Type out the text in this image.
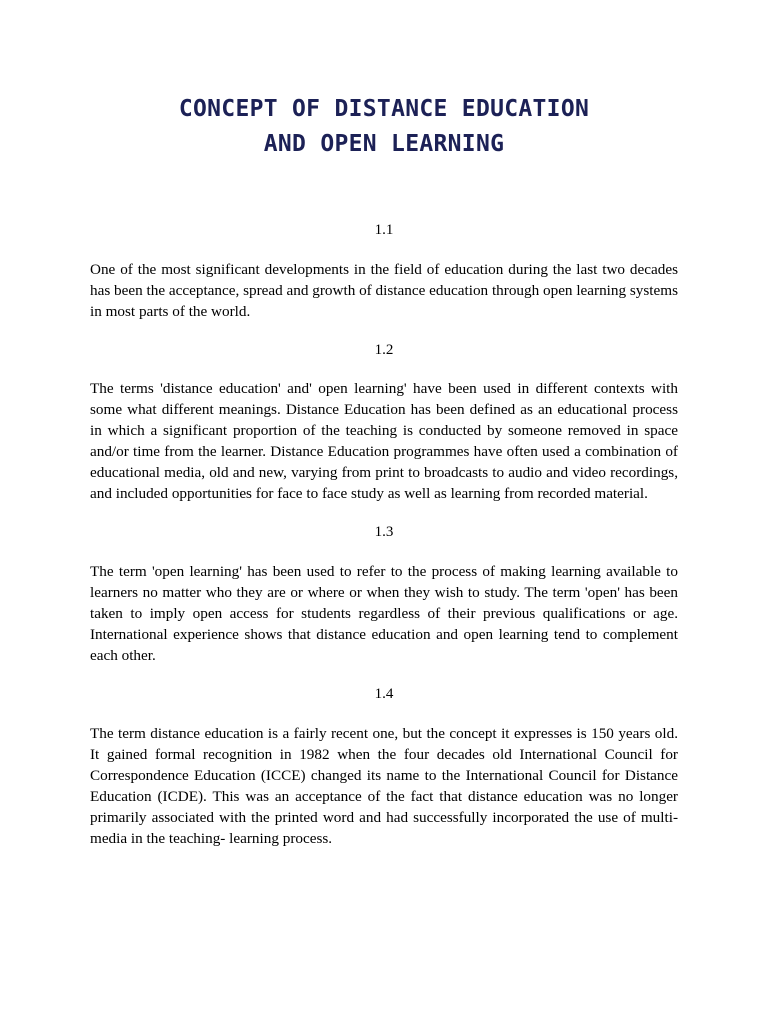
CONCEPT OF DISTANCE EDUCATION
AND OPEN LEARNING

1.1

One of the most significant developments in the field of education during the last two decades has been the acceptance, spread and growth of distance education through open learning systems in most parts of the world.

1.2

The terms 'distance education' and' open learning' have been used in different contexts with some what different meanings. Distance Education has been defined as an educational process in which a significant proportion of the teaching is conducted by someone removed in space and/or time from the learner. Distance Education programmes have often used a combination of educational media, old and new, varying from print to broadcasts to audio and video recordings, and included opportunities for face to face study as well as learning from recorded material.

1.3

The term 'open learning' has been used to refer to the process of making learning available to learners no matter who they are or where or when they wish to study. The term 'open' has been taken to imply open access for students regardless of their previous qualifications or age. International experience shows that distance education and open learning tend to complement each other.

1.4

The term distance education is a fairly recent one, but the concept it expresses is 150 years old. It gained formal recognition in 1982 when the four decades old International Council for Correspondence Education (ICCE) changed its name to the International Council for Distance Education (ICDE). This was an acceptance of the fact that distance education was no longer primarily associated with the printed word and had successfully incorporated the use of multi- media in the teaching- learning process.
